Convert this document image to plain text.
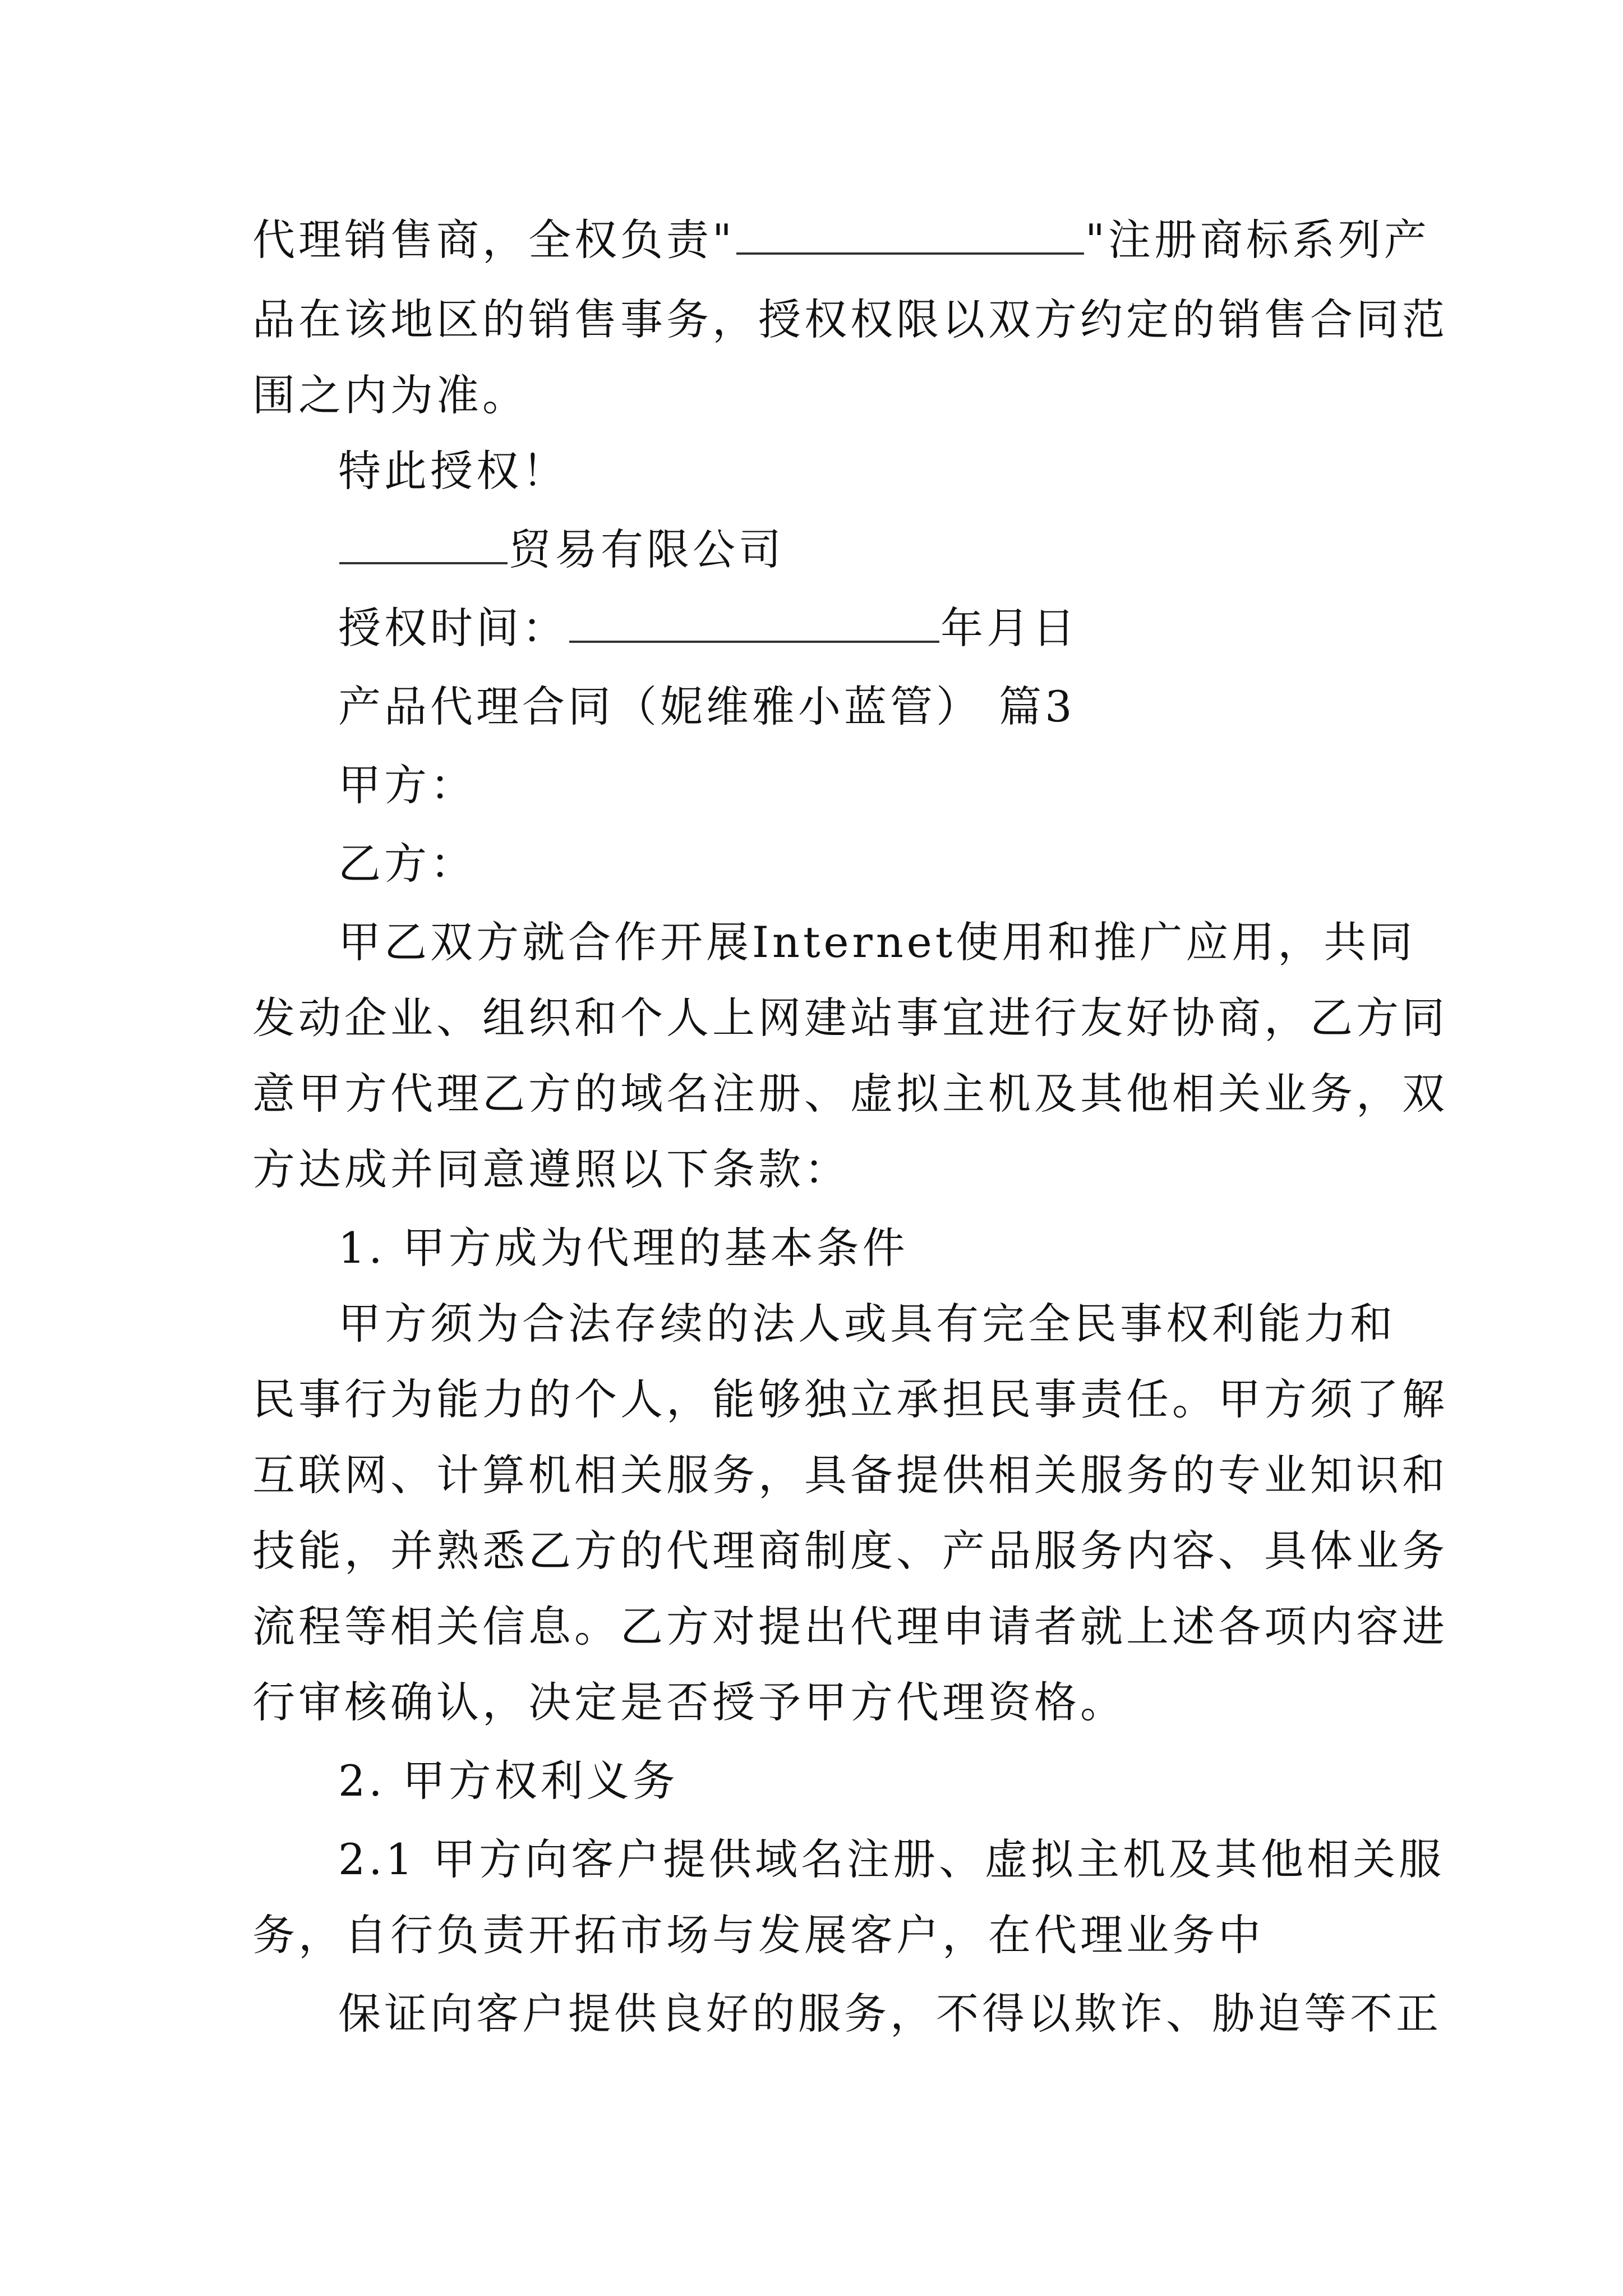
代理销售商，全权负责"	"注册商标系列产
品在该地区的销售事务，授权权限以双方约定的销售合同范
围之内为准。
特此授权！
贸易有限公司
授权时间：	年月日
产品代理合同（妮维雅小蓝管） 篇3
甲方：
乙方：
甲乙双方就合作开展Internet使用和推广应用，共同
发动企业、组织和个人上网建站事宜进行友好协商，乙方同
意甲方代理乙方的域名注册、虚拟主机及其他相关业务，双
方达成并同意遵照以下条款：
1. 甲方成为代理的基本条件
甲方须为合法存续的法人或具有完全民事权利能力和
民事行为能力的个人，能够独立承担民事责任。甲方须了解
互联网、计算机相关服务，具备提供相关服务的专业知识和
技能，并熟悉乙方的代理商制度、产品服务内容、具体业务
流程等相关信息。乙方对提出代理申请者就上述各项内容进
行审核确认，决定是否授予甲方代理资格。
2. 甲方权利义务
2.1 甲方向客户提供域名注册、虚拟主机及其他相关服
务，自行负责开拓市场与发展客户，在代理业务中
保证向客户提供良好的服务，不得以欺诈、胁迫等不正
